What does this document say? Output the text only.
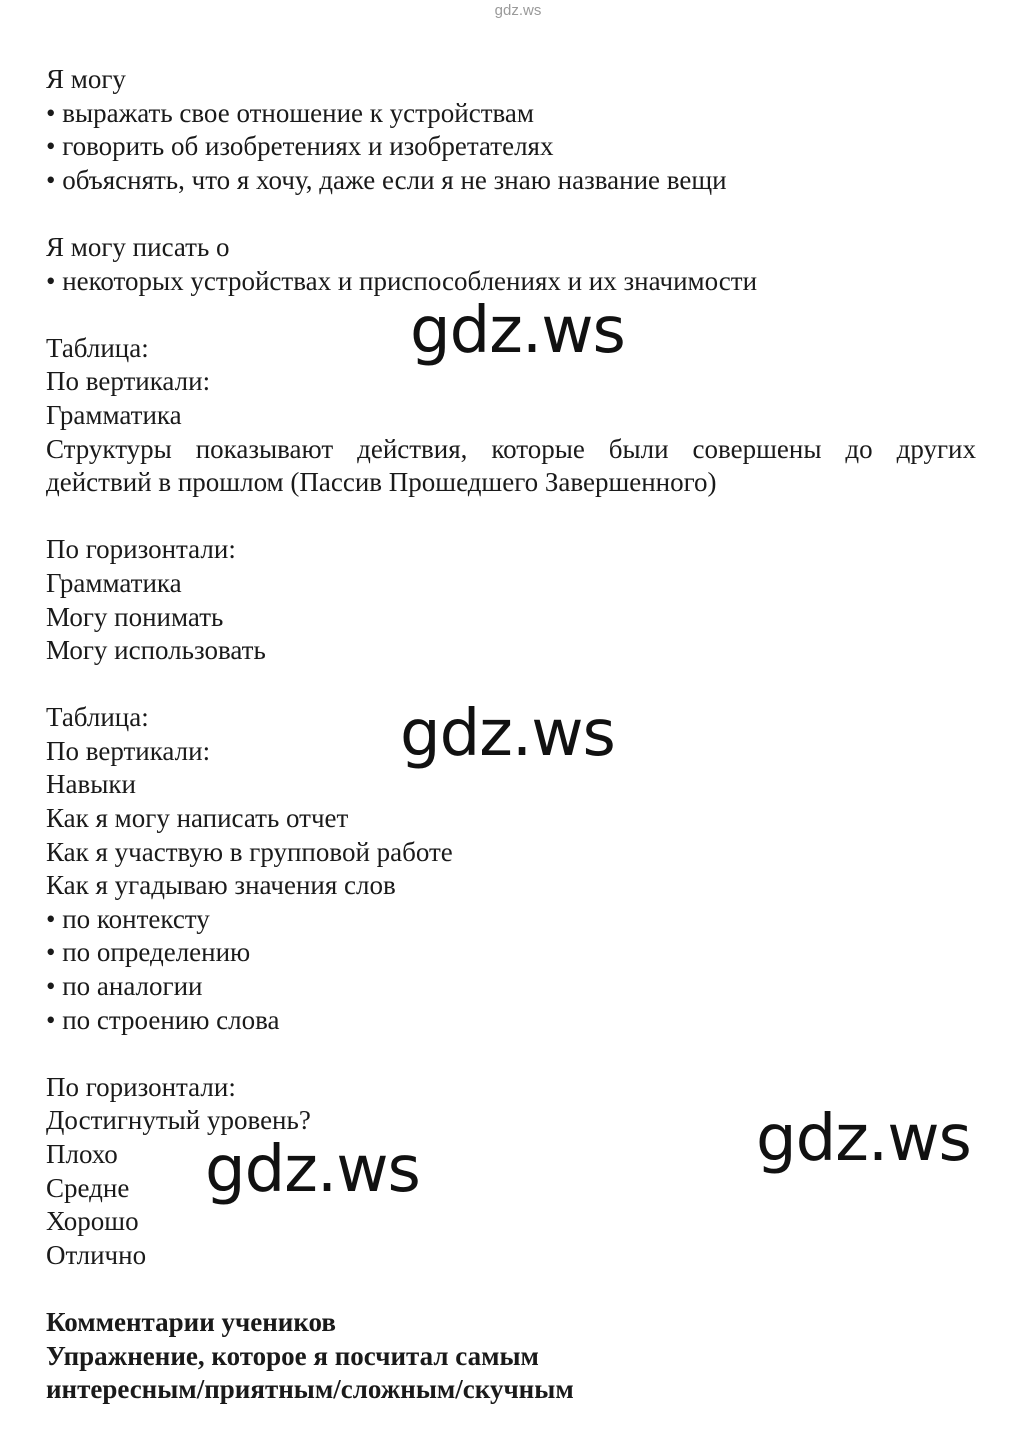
gdz.ws
Я могу
• выражать свое отношение к устройствам
• говорить об изобретениях и изобретателях
• объяснять, что я хочу, даже если я не знаю название вещи
Я могу писать о
• некоторых устройствах и приспособлениях и их значимости
Таблица:
По вертикали:
Грамматика
Структуры показывают действия, которые были совершены до других
действий в прошлом (Пассив Прошедшего Завершенного)
По горизонтали:
Грамматика
Могу понимать
Могу использовать
Таблица:
По вертикали:
Навыки
Как я могу написать отчет
Как я участвую в групповой работе
Как я угадываю значения слов
• по контексту
• по определению
• по аналогии
• по строению слова
По горизонтали:
Достигнутый уровень?
Плохо
Средне
Хорошо
Отлично
Комментарии учеников
Упражнение, которое я посчитал самым
интересным/приятным/сложным/скучным
gdz.ws
gdz.ws
gdz.ws
gdz.ws
